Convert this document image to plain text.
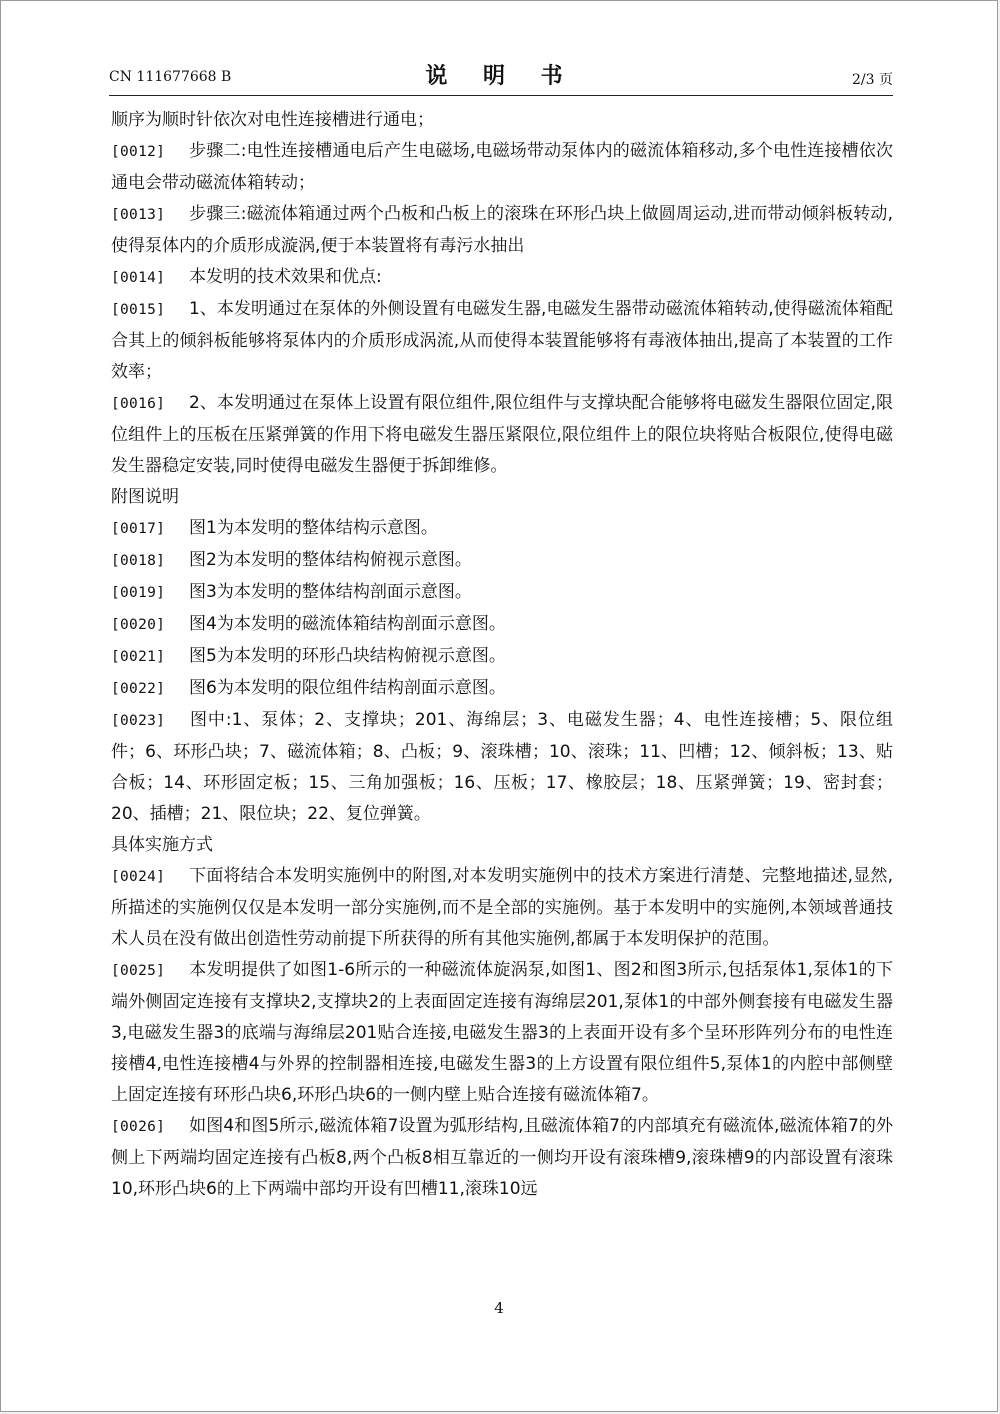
CN 111677668 B	说 明 书	2/3 页

顺序为顺时针依次对电性连接槽进行通电；

[0012] 步骤二:电性连接槽通电后产生电磁场,电磁场带动泵体内的磁流体箱移动,多个电性连接槽依次通电会带动磁流体箱转动；

[0013] 步骤三:磁流体箱通过两个凸板和凸板上的滚珠在环形凸块上做圆周运动,进而带动倾斜板转动,使得泵体内的介质形成漩涡,便于本装置将有毒污水抽出

[0014] 本发明的技术效果和优点:

[0015] 1、本发明通过在泵体的外侧设置有电磁发生器,电磁发生器带动磁流体箱转动,使得磁流体箱配合其上的倾斜板能够将泵体内的介质形成涡流,从而使得本装置能够将有毒液体抽出,提高了本装置的工作效率；

[0016] 2、本发明通过在泵体上设置有限位组件,限位组件与支撑块配合能够将电磁发生器限位固定,限位组件上的压板在压紧弹簧的作用下将电磁发生器压紧限位,限位组件上的限位块将贴合板限位,使得电磁发生器稳定安装,同时使得电磁发生器便于拆卸维修。

附图说明

[0017] 图1为本发明的整体结构示意图。

[0018] 图2为本发明的整体结构俯视示意图。

[0019] 图3为本发明的整体结构剖面示意图。

[0020] 图4为本发明的磁流体箱结构剖面示意图。

[0021] 图5为本发明的环形凸块结构俯视示意图。

[0022] 图6为本发明的限位组件结构剖面示意图。

[0023] 图中:1、泵体；2、支撑块；201、海绵层；3、电磁发生器；4、电性连接槽；5、限位组件；6、环形凸块；7、磁流体箱；8、凸板；9、滚珠槽；10、滚珠；11、凹槽；12、倾斜板；13、贴合板；14、环形固定板；15、三角加强板；16、压板；17、橡胶层；18、压紧弹簧；19、密封套；20、插槽；21、限位块；22、复位弹簧。

具体实施方式

[0024] 下面将结合本发明实施例中的附图,对本发明实施例中的技术方案进行清楚、完整地描述,显然,所描述的实施例仅仅是本发明一部分实施例,而不是全部的实施例。基于本发明中的实施例,本领域普通技术人员在没有做出创造性劳动前提下所获得的所有其他实施例,都属于本发明保护的范围。

[0025] 本发明提供了如图1-6所示的一种磁流体旋涡泵,如图1、图2和图3所示,包括泵体1,泵体1的下端外侧固定连接有支撑块2,支撑块2的上表面固定连接有海绵层201,泵体1的中部外侧套接有电磁发生器3,电磁发生器3的底端与海绵层201贴合连接,电磁发生器3的上表面开设有多个呈环形阵列分布的电性连接槽4,电性连接槽4与外界的控制器相连接,电磁发生器3的上方设置有限位组件5,泵体1的内腔中部侧壁上固定连接有环形凸块6,环形凸块6的一侧内壁上贴合连接有磁流体箱7。

[0026] 如图4和图5所示,磁流体箱7设置为弧形结构,且磁流体箱7的内部填充有磁流体,磁流体箱7的外侧上下两端均固定连接有凸板8,两个凸板8相互靠近的一侧均开设有滚珠槽9,滚珠槽9的内部设置有滚珠10,环形凸块6的上下两端中部均开设有凹槽11,滚珠10远

4
